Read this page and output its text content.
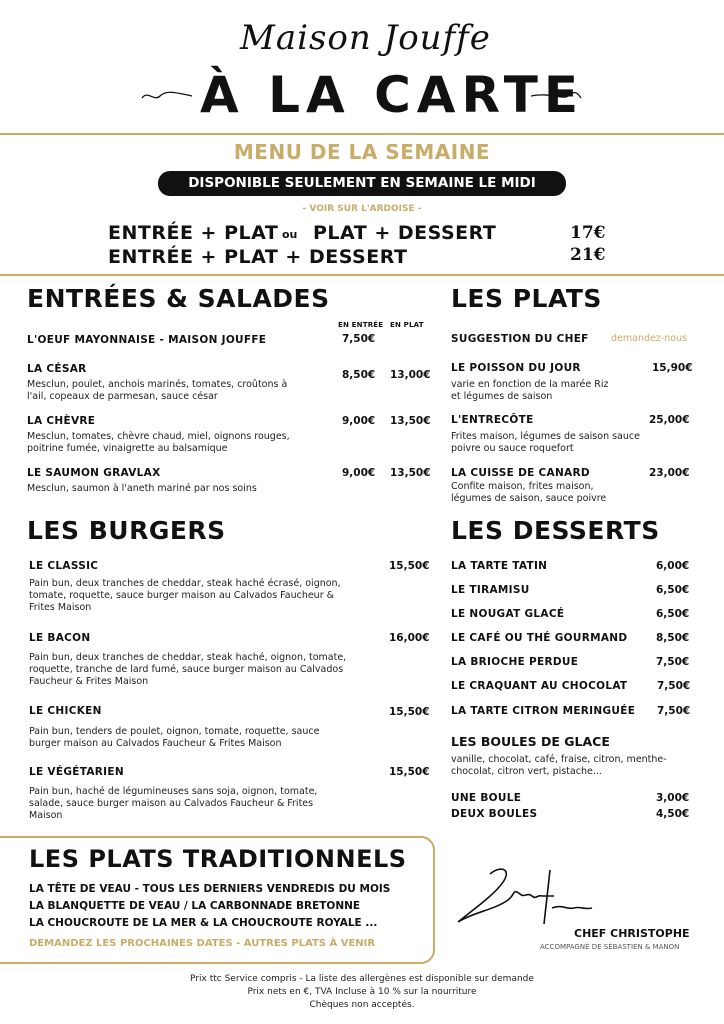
Maison Jouffe
À LA CARTE
MENU DE LA SEMAINE
DISPONIBLE SEULEMENT EN SEMAINE LE MIDI
- VOIR SUR L'ARDOISE -
ENTRÉE + PLAT ou PLAT + DESSERT	17€
ENTRÉE + PLAT + DESSERT	21€
ENTRÉES & SALADES
EN ENTRÉE EN PLAT
L'OEUF MAYONNAISE - MAISON JOUFFE	7,50€
LA CÉSAR	8,50€ 13,00€
Mesclun, poulet, anchois marinés, tomates, croûtons à l'ail, copeaux de parmesan, sauce césar
LA CHÈVRE	9,00€ 13,50€
Mesclun, tomates, chèvre chaud, miel, oignons rouges, poitrine fumée, vinaigrette au balsamique
LE SAUMON GRAVLAX	9,00€ 13,50€
Mesclun, saumon à l'aneth mariné par nos soins
LES PLATS
SUGGESTION DU CHEF demandez-nous
LE POISSON DU JOUR	15,90€
varie en fonction de la marée Riz et légumes de saison
L'ENTRECÔTE	25,00€
Frites maison, légumes de saison sauce poivre ou sauce roquefort
LA CUISSE DE CANARD	23,00€
Confite maison, frites maison, légumes de saison, sauce poivre
LES BURGERS
LE CLASSIC	15,50€
Pain bun, deux tranches de cheddar, steak haché écrasé, oignon, tomate, roquette, sauce burger maison au Calvados Faucheur & Frites Maison
LE BACON	16,00€
Pain bun, deux tranches de cheddar, steak haché, oignon, tomate, roquette, tranche de lard fumé, sauce burger maison au Calvados Faucheur & Frites Maison
LE CHICKEN	15,50€
Pain bun, tenders de poulet, oignon, tomate, roquette, sauce burger maison au Calvados Faucheur & Frites Maison
LE VÉGÉTARIEN	15,50€
Pain bun, haché de légumineuses sans soja, oignon, tomate, salade, sauce burger maison au Calvados Faucheur & Frites Maison
LES DESSERTS
LA TARTE TATIN	6,00€
LE TIRAMISU	6,50€
LE NOUGAT GLACÉ	6,50€
LE CAFÉ OU THÉ GOURMAND	8,50€
LA BRIOCHE PERDUE	7,50€
LE CRAQUANT AU CHOCOLAT	7,50€
LA TARTE CITRON MERINGUÉE 7,50€
LES BOULES DE GLACE
vanille, chocolat, café, fraise, citron, menthe-chocolat, citron vert, pistache...
UNE BOULE	3,00€
DEUX BOULES	4,50€
LES PLATS TRADITIONNELS
LA TÊTE DE VEAU - TOUS LES DERNIERS VENDREDIS DU MOIS
LA BLANQUETTE DE VEAU / LA CARBONNADE BRETONNE
LA CHOUCROUTE DE LA MER & LA CHOUCROUTE ROYALE ...
DEMANDEZ LES PROCHAINES DATES - AUTRES PLATS À VENIR
CHEF CHRISTOPHE
ACCOMPAGNÉ DE SÉBASTIEN & MANON
Prix ttc Service compris - La liste des allergènes est disponible sur demande
Prix nets en €, TVA Incluse à 10 % sur la nourriture
Chèques non acceptés.
